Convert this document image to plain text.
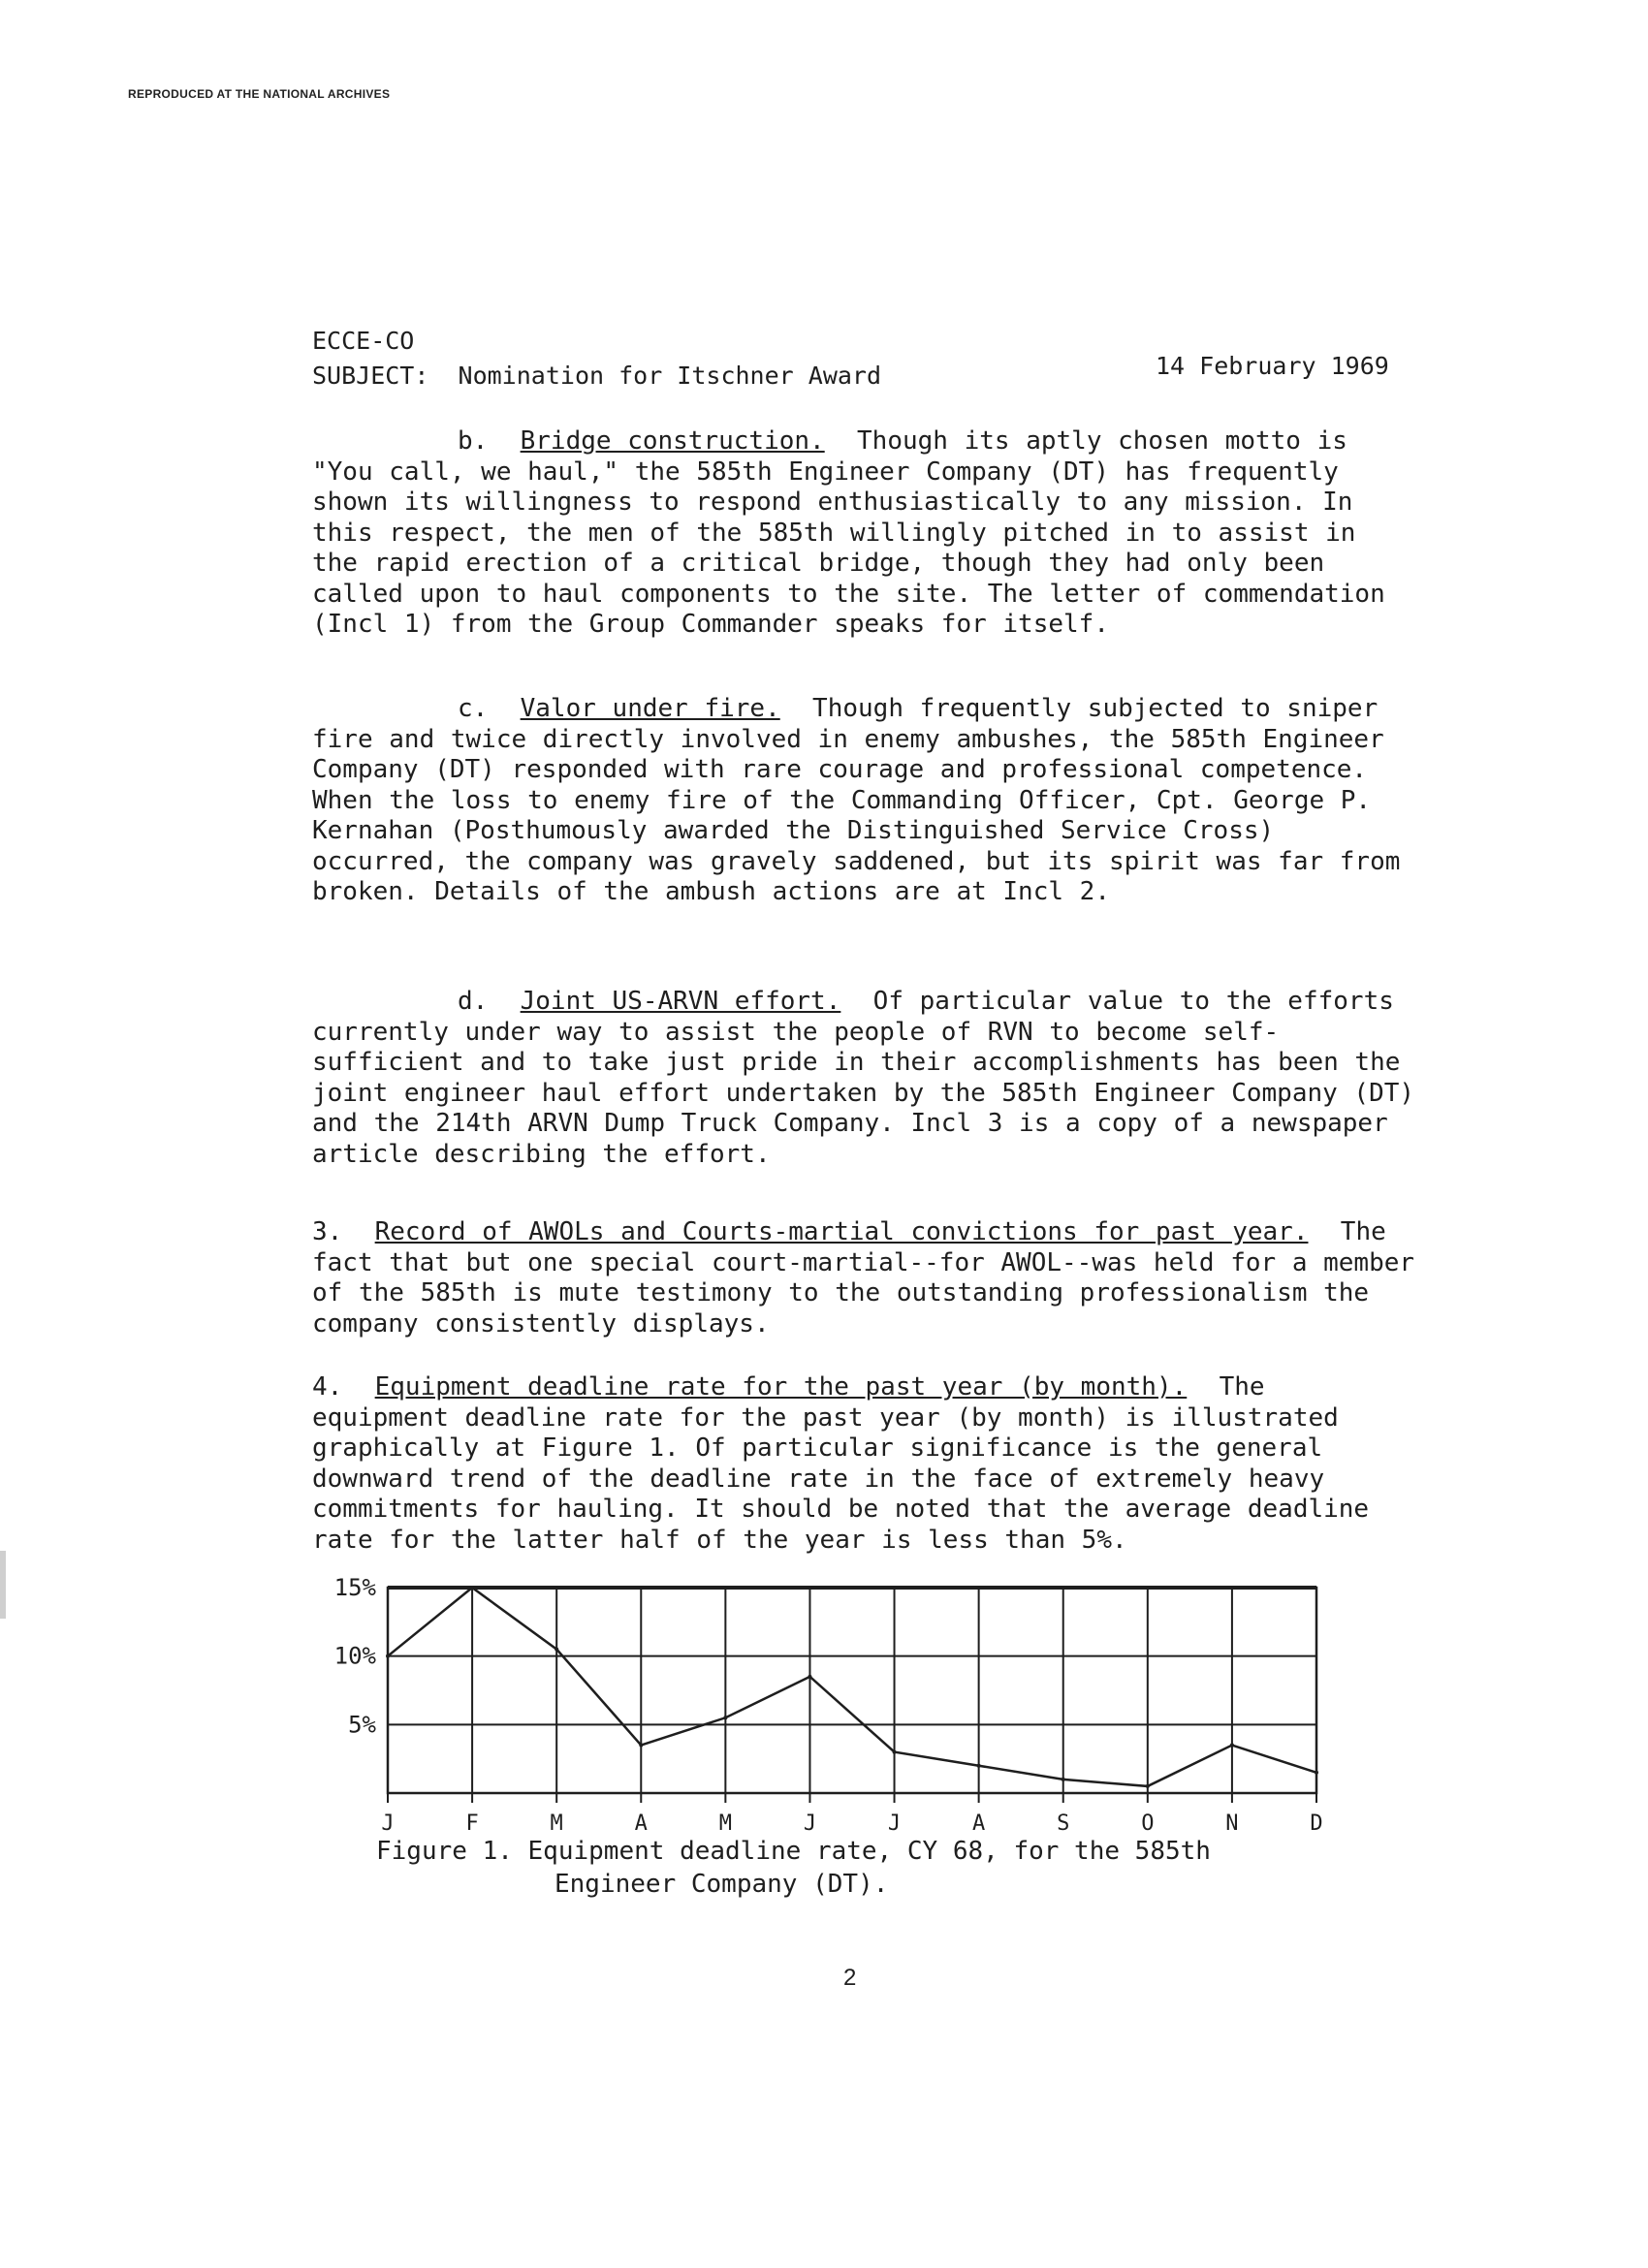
REPRODUCED AT THE NATIONAL ARCHIVES
ECCE-CO
SUBJECT: Nomination for Itschner Award	14 February 1969

b. Bridge construction. Though its aptly chosen motto is "You call, we haul," the 585th Engineer Company (DT) has frequently shown its willingness to respond enthusiastically to any mission. In this respect, the men of the 585th willingly pitched in to assist in the rapid erection of a critical bridge, though they had only been called upon to haul components to the site. The letter of commendation (Incl 1) from the Group Commander speaks for itself.

c. Valor under fire. Though frequently subjected to sniper fire and twice directly involved in enemy ambushes, the 585th Engineer Company (DT) responded with rare courage and professional competence. When the loss to enemy fire of the Commanding Officer, Cpt. George P. Kernahan (Posthumously awarded the Distinguished Service Cross) occurred, the company was gravely saddened, but its spirit was far from broken. Details of the ambush actions are at Incl 2.

d. Joint US-ARVN effort. Of particular value to the efforts currently under way to assist the people of RVN to become self-sufficient and to take just pride in their accomplishments has been the joint engineer haul effort undertaken by the 585th Engineer Company (DT) and the 214th ARVN Dump Truck Company. Incl 3 is a copy of a newspaper article describing the effort.

3. Record of AWOLs and Courts-martial convictions for past year. The fact that but one special court-martial--for AWOL--was held for a member of the 585th is mute testimony to the outstanding professionalism the company consistently displays.

4. Equipment deadline rate for the past year (by month). The equipment deadline rate for the past year (by month) is illustrated graphically at Figure 1. Of particular significance is the general downward trend of the deadline rate in the face of extremely heavy commitments for hauling. It should be noted that the average deadline rate for the latter half of the year is less than 5%.

15%
10%
5%
J	F	M	A	M	J	J	A	S	O	N	D
Figure 1. Equipment deadline rate, CY 68, for the 585th
Engineer Company (DT).
2
